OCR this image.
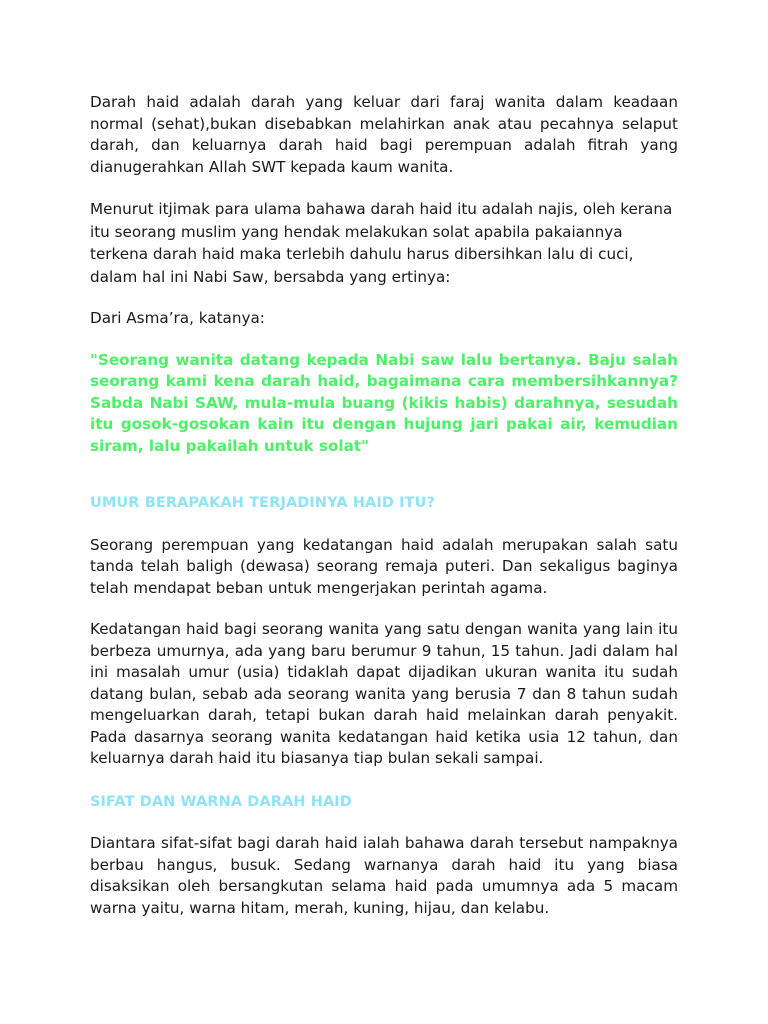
Darah haid adalah darah yang keluar dari faraj wanita dalam keadaan normal (sehat),bukan disebabkan melahirkan anak atau pecahnya selaput darah, dan keluarnya darah haid bagi perempuan adalah fitrah yang dianugerahkan Allah SWT kepada kaum wanita.

Menurut itjimak para ulama bahawa darah haid itu adalah najis, oleh kerana itu seorang muslim yang hendak melakukan solat apabila pakaiannya terkena darah haid maka terlebih dahulu harus dibersihkan lalu di cuci, dalam hal ini Nabi Saw, bersabda yang ertinya:

Dari Asma’ra, katanya:

"Seorang wanita datang kepada Nabi saw lalu bertanya. Baju salah seorang kami kena darah haid, bagaimana cara membersihkannya? Sabda Nabi SAW, mula-mula buang (kikis habis) darahnya, sesudah itu gosok-gosokan kain itu dengan hujung jari pakai air, kemudian siram, lalu pakailah untuk solat"

UMUR BERAPAKAH TERJADINYA HAID ITU?

Seorang perempuan yang kedatangan haid adalah merupakan salah satu tanda telah baligh (dewasa) seorang remaja puteri. Dan sekaligus baginya telah mendapat beban untuk mengerjakan perintah agama.

Kedatangan haid bagi seorang wanita yang satu dengan wanita yang lain itu berbeza umurnya, ada yang baru berumur 9 tahun, 15 tahun. Jadi dalam hal ini masalah umur (usia) tidaklah dapat dijadikan ukuran wanita itu sudah datang bulan, sebab ada seorang wanita yang berusia 7 dan 8 tahun sudah mengeluarkan darah, tetapi bukan darah haid melainkan darah penyakit. Pada dasarnya seorang wanita kedatangan haid ketika usia 12 tahun, dan keluarnya darah haid itu biasanya tiap bulan sekali sampai.

SIFAT DAN WARNA DARAH HAID

Diantara sifat-sifat bagi darah haid ialah bahawa darah tersebut nampaknya berbau hangus, busuk. Sedang warnanya darah haid itu yang biasa disaksikan oleh bersangkutan selama haid pada umumnya ada 5 macam warna yaitu, warna hitam, merah, kuning, hijau, dan kelabu.
